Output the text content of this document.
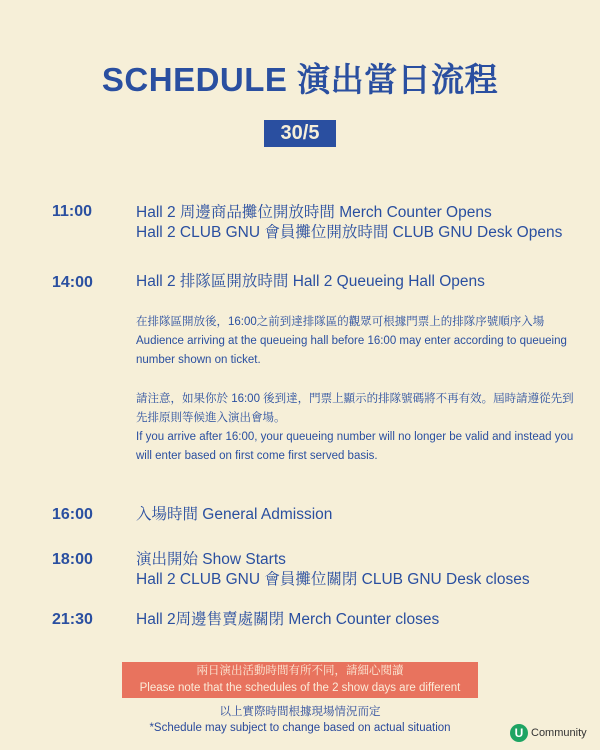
SCHEDULE 演出當日流程
30/5
11:00	Hall 2 周邊商品攤位開放時間 Merch Counter Opens
Hall 2 CLUB GNU 會員攤位開放時間 CLUB GNU Desk Opens
14:00	Hall 2 排隊區開放時間 Hall 2 Queueing Hall Opens
在排隊區開放後，16:00之前到達排隊區的觀眾可根據門票上的排隊序號順序入場
Audience arriving at the queueing hall before 16:00 may enter according to queueing number shown on ticket.
請注意，如果你於 16:00 後到達，門票上顯示的排隊號碼將不再有效。屆時請遵從先到先排原則等候進入演出會場。
If you arrive after 16:00, your queueing number will no longer be valid and instead you will enter based on first come first served basis.
16:00	入場時間 General Admission
18:00	演出開始 Show Starts
Hall 2 CLUB GNU 會員攤位關閉 CLUB GNU Desk closes
21:30	Hall 2周邊售賣處關閉 Merch Counter closes
兩日演出活動時間有所不同，請細心閱讀
Please note that the schedules of the 2 show days are different
以上實際時間根據現場情況而定
*Schedule may subject to change based on actual situation	U Community
